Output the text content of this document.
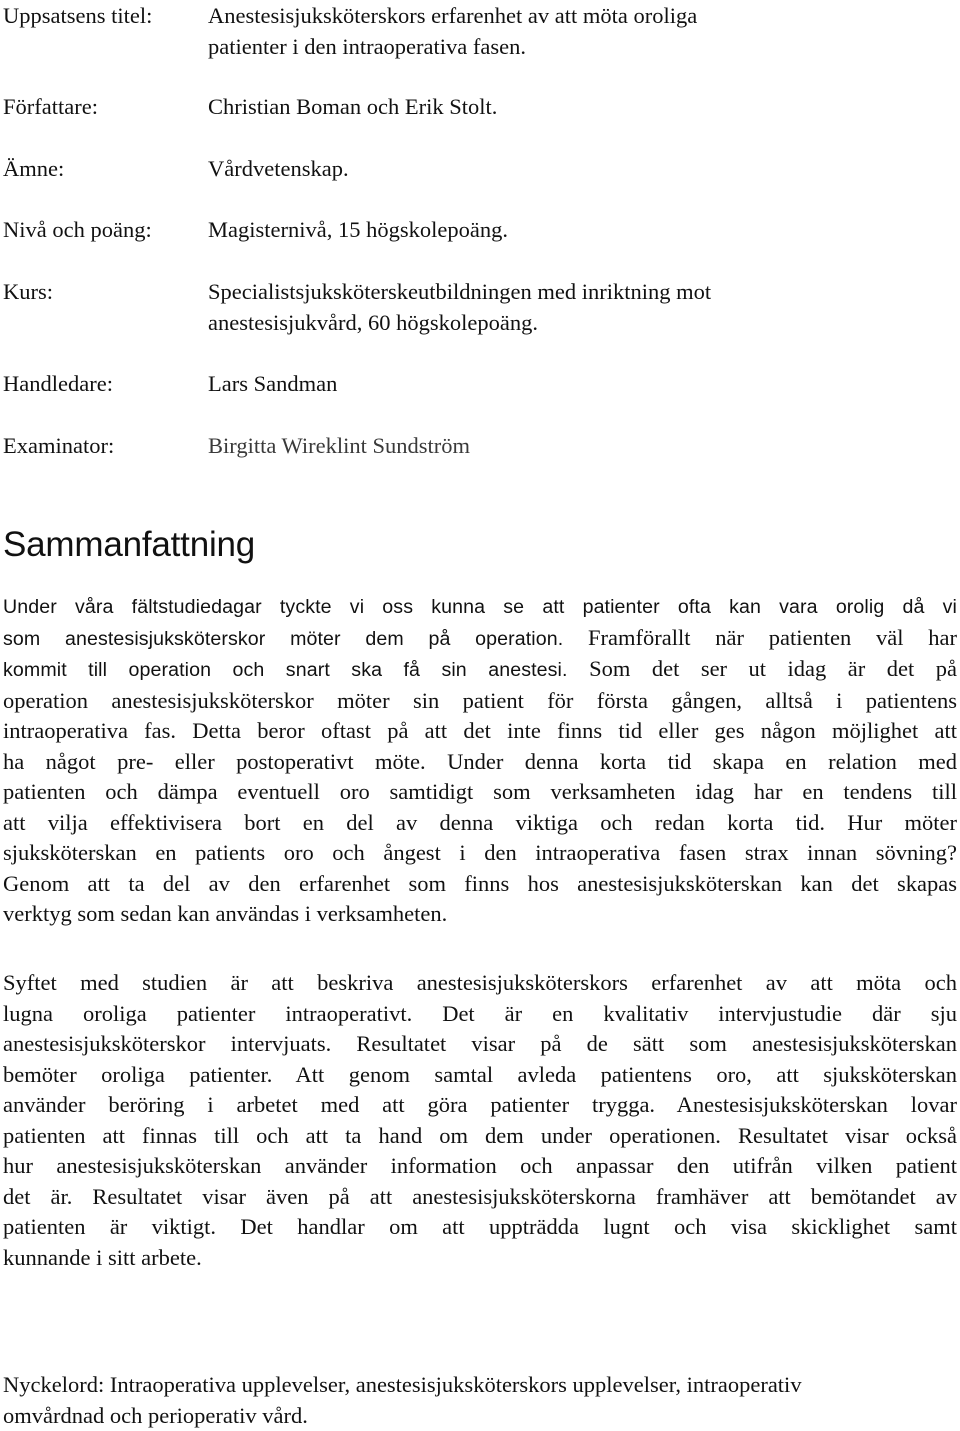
Uppsatsens titel: Anestesisjuksköterskors erfarenhet av att möta oroliga
patienter i den intraoperativa fasen.
Författare:	Christian Boman och Erik Stolt.
Ämne:	Vårdvetenskap.
Nivå och poäng:	Magisternivå, 15 högskolepoäng.
Kurs:	Specialistsjuksköterskeutbildningen med inriktning mot
anestesisjukvård, 60 högskolepoäng.
Handledare:	Lars Sandman
Examinator:	Birgitta Wireklint Sundström
Sammanfattning
Under våra fältstudiedagar tyckte vi oss kunna se att patienter ofta kan vara orolig då vi
som anestesisjuksköterskor möter dem på operation. Framförallt när patienten väl har
kommit till operation och snart ska få sin anestesi. Som det ser ut idag är det på
operation anestesisjuksköterskor möter sin patient för första gången, alltså i patientens
intraoperativa fas. Detta beror oftast på att det inte finns tid eller ges någon möjlighet att
ha något pre- eller postoperativt möte. Under denna korta tid skapa en relation med
patienten och dämpa eventuell oro samtidigt som verksamheten idag har en tendens till
att vilja effektivisera bort en del av denna viktiga och redan korta tid. Hur möter
sjuksköterskan en patients oro och ångest i den intraoperativa fasen strax innan sövning?
Genom att ta del av den erfarenhet som finns hos anestesisjuksköterskan kan det skapas
verktyg som sedan kan användas i verksamheten.
Syftet med studien är att beskriva anestesisjuksköterskors erfarenhet av att möta och
lugna oroliga patienter intraoperativt. Det är en kvalitativ intervjustudie där sju
anestesisjuksköterskor intervjuats. Resultatet visar på de sätt som anestesisjuksköterskan
bemöter oroliga patienter. Att genom samtal avleda patientens oro, att sjuksköterskan
använder beröring i arbetet med att göra patienter trygga. Anestesisjuksköterskan lovar
patienten att finnas till och att ta hand om dem under operationen. Resultatet visar också
hur anestesisjuksköterskan använder information och anpassar den utifrån vilken patient
det är. Resultatet visar även på att anestesisjuksköterskorna framhäver att bemötandet av
patienten är viktigt. Det handlar om att uppträdda lugnt och visa skicklighet samt
kunnande i sitt arbete.
Nyckelord: Intraoperativa upplevelser, anestesisjuksköterskors upplevelser, intraoperativ
omvårdnad och perioperativ vård.
